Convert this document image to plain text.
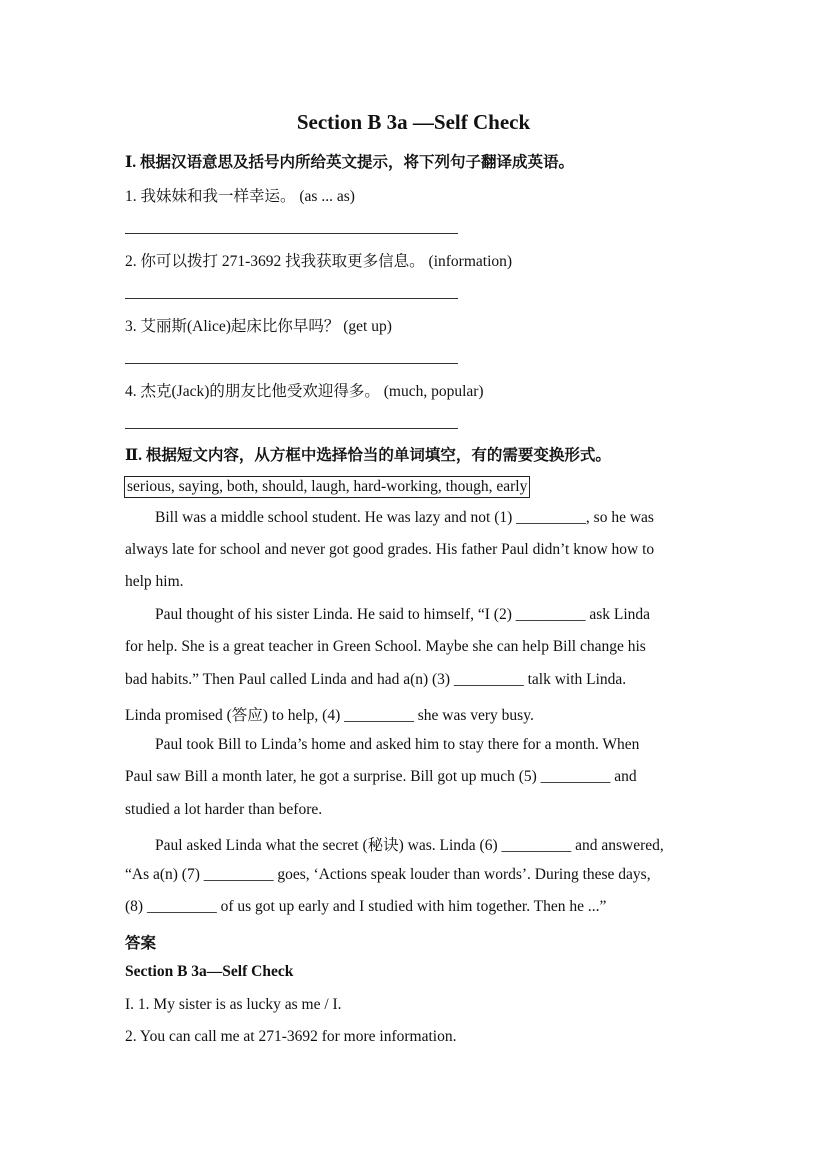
Section B 3a —Self Check
Ⅰ. 根据汉语意思及括号内所给英文提示，将下列句子翻译成英语。
1. 我妹妹和我一样幸运。 (as ... as)
2. 你可以拨打 271-3692 找我获取更多信息。 (information)
3. 艾丽斯(Alice)起床比你早吗？ (get up)
4. 杰克(Jack)的朋友比他受欢迎得多。 (much, popular)
Ⅱ. 根据短文内容，从方框中选择恰当的单词填空，有的需要变换形式。
serious, saying, both, should, laugh, hard-working, though, early
Bill was a middle school student. He was lazy and not (1) _________, so he was
always late for school and never got good grades. His father Paul didn’t know how to
help him.
Paul thought of his sister Linda. He said to himself, “I (2) _________ ask Linda
for help. She is a great teacher in Green School. Maybe she can help Bill change his
bad habits.” Then Paul called Linda and had a(n) (3) _________ talk with Linda.
Linda promised (答应) to help, (4) _________ she was very busy.
Paul took Bill to Linda’s home and asked him to stay there for a month. When
Paul saw Bill a month later, he got a surprise. Bill got up much (5) _________ and
studied a lot harder than before.
Paul asked Linda what the secret (秘诀) was. Linda (6) _________ and answered,
“As a(n) (7) _________ goes, ‘Actions speak louder than words’. During these days,
(8) _________ of us got up early and I studied with him together. Then he ...”
答案
Section B 3a—Self Check
I. 1. My sister is as lucky as me / I.
2. You can call me at 271-3692 for more information.
